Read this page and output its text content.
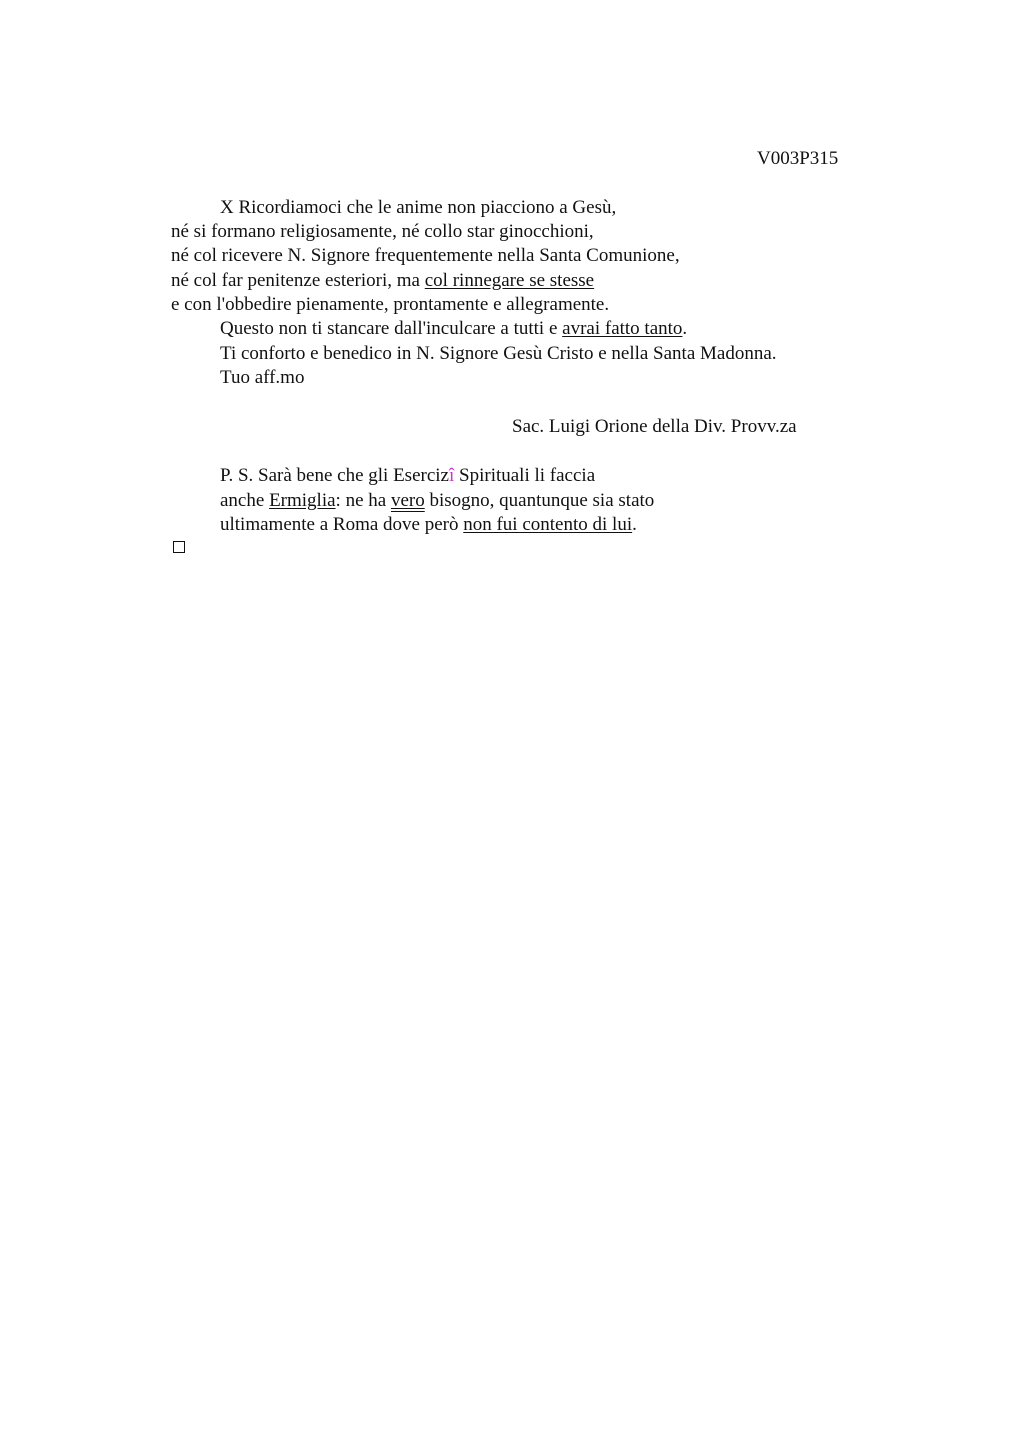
V003P315
X Ricordiamoci che le anime non piacciono a Gesù,
né si formano religiosamente, né collo star ginocchioni,
né col ricevere N. Signore frequentemente nella Santa Comunione,
né col far penitenze esteriori, ma col rinnegare se stesse
e con l'obbedire pienamente, prontamente e allegramente.
Questo non ti stancare dall'inculcare a tutti e avrai fatto tanto.
Ti conforto e benedico in N. Signore Gesù Cristo e nella Santa Madonna.
Tuo aff.mo
Sac. Luigi Orione della Div. Provv.za
P. S. Sarà bene che gli Esercizî Spirituali li faccia
anche Ermiglia: ne ha vero bisogno, quantunque sia stato
ultimamente a Roma dove però non fui contento di lui.
